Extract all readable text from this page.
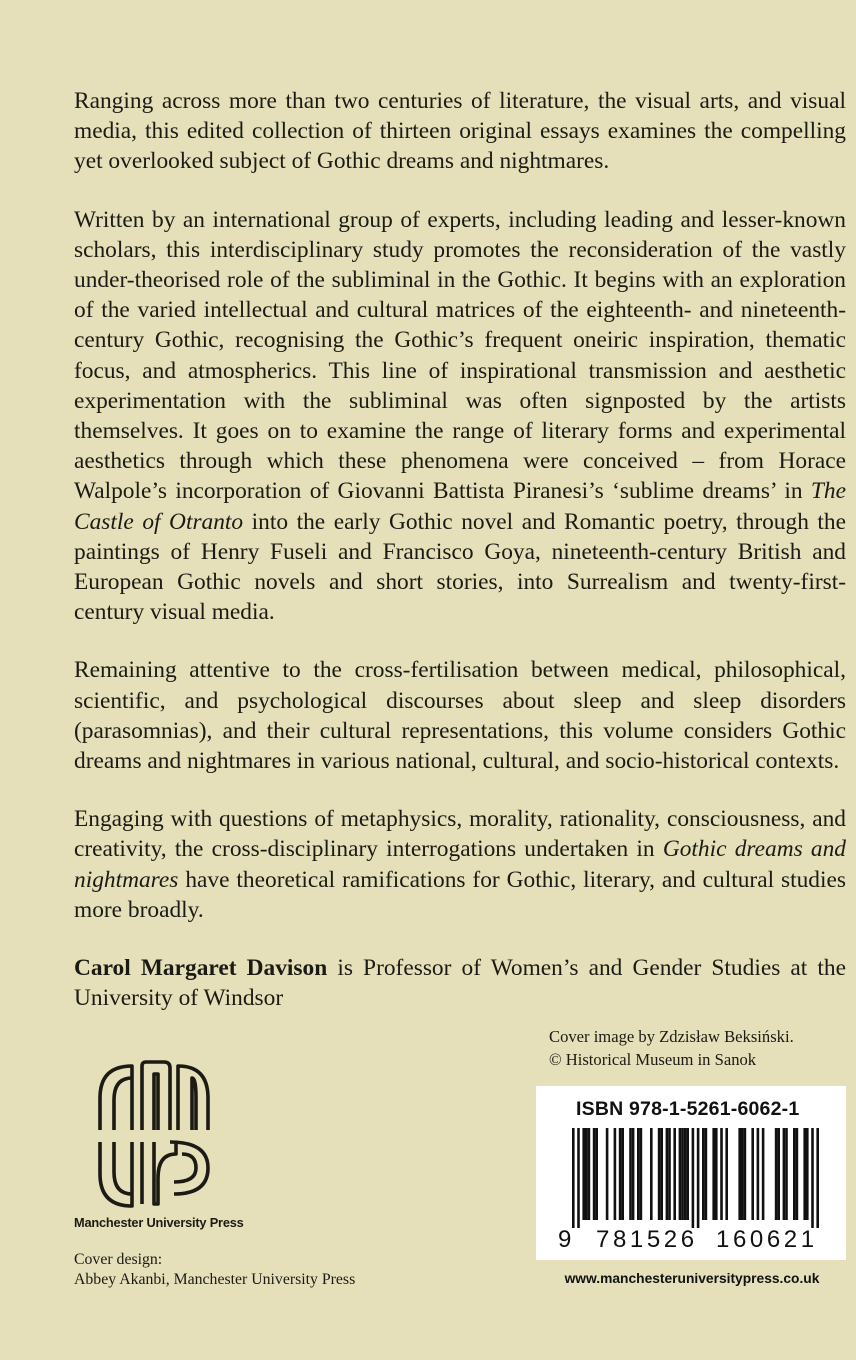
Ranging across more than two centuries of literature, the visual arts, and visual media, this edited collection of thirteen original essays examines the compelling yet overlooked subject of Gothic dreams and nightmares.

Written by an international group of experts, including leading and lesser-known scholars, this interdisciplinary study promotes the reconsideration of the vastly under-theorised role of the subliminal in the Gothic. It begins with an exploration of the varied intellectual and cultural matrices of the eighteenth- and nineteenth-century Gothic, recognising the Gothic’s frequent oneiric inspiration, thematic focus, and atmospherics. This line of inspirational transmission and aesthetic experimentation with the subliminal was often signposted by the artists themselves. It goes on to examine the range of literary forms and experimental aesthetics through which these phenomena were conceived – from Horace Walpole’s incorporation of Giovanni Battista Piranesi’s ‘sublime dreams’ in The Castle of Otranto into the early Gothic novel and Romantic poetry, through the paintings of Henry Fuseli and Francisco Goya, nineteenth-century British and European Gothic novels and short stories, into Surrealism and twenty-first-century visual media.

Remaining attentive to the cross-fertilisation between medical, philosophical, scientific, and psychological discourses about sleep and sleep disorders (parasomnias), and their cultural representations, this volume considers Gothic dreams and nightmares in various national, cultural, and socio-historical contexts.

Engaging with questions of metaphysics, morality, rationality, consciousness, and creativity, the cross-disciplinary interrogations undertaken in Gothic dreams and nightmares have theoretical ramifications for Gothic, literary, and cultural studies more broadly.

Carol Margaret Davison is Professor of Women’s and Gender Studies at the University of Windsor

Cover image by Zdzisław Beksiński.
© Historical Museum in Sanok
Manchester University Press
Cover design:
Abbey Akanbi, Manchester University Press
ISBN 978-1-5261-6062-1
9 781526 160621
www.manchesteruniversitypress.co.uk
